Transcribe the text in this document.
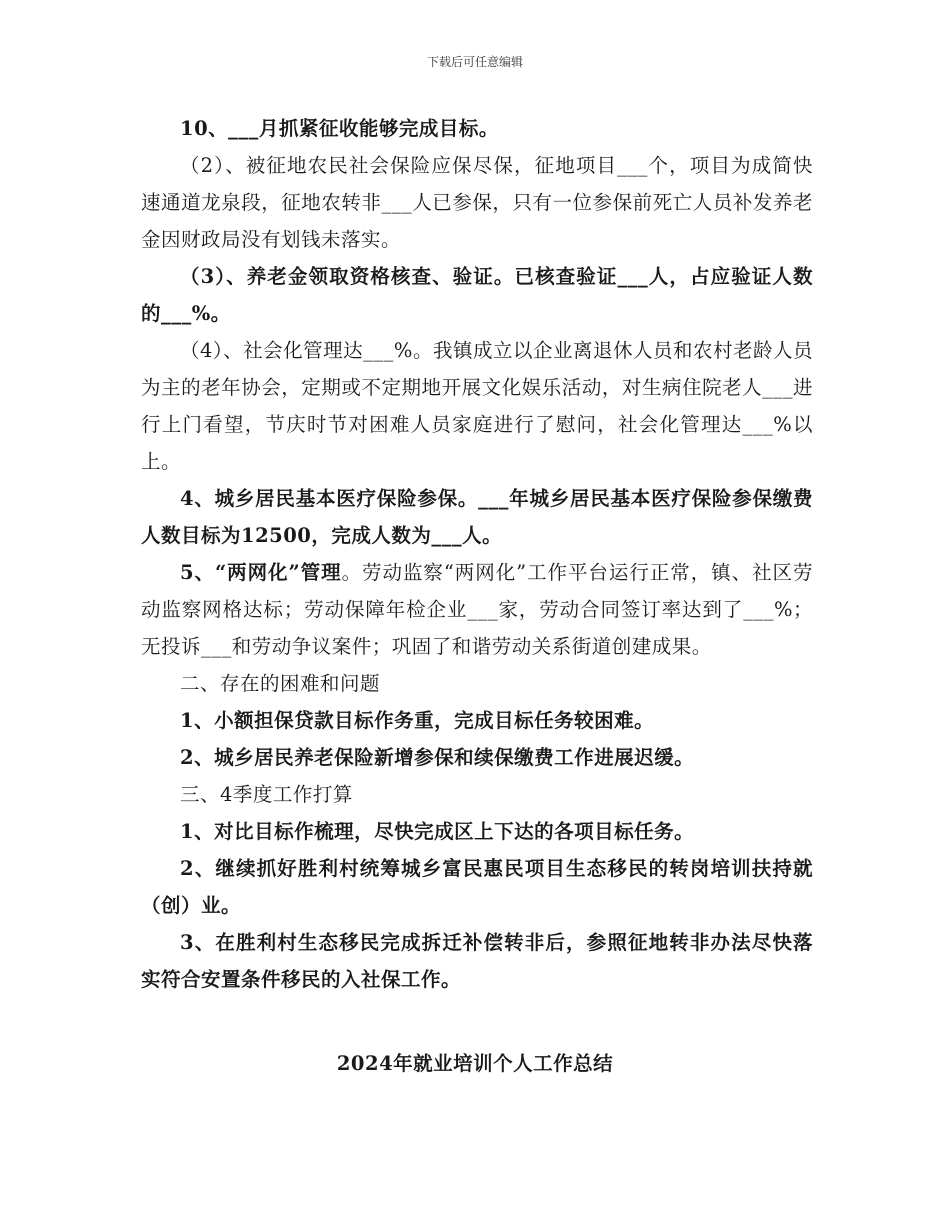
下载后可任意编辑

10、___月抓紧征收能够完成目标。

（2）、被征地农民社会保险应保尽保，征地项目___个，项目为成简快速通道龙泉段，征地农转非___人已参保，只有一位参保前死亡人员补发养老金因财政局没有划钱未落实。

（3）、养老金领取资格核查、验证。已核查验证___人，占应验证人数的___%。

（4）、社会化管理达___%。我镇成立以企业离退休人员和农村老龄人员为主的老年协会，定期或不定期地开展文化娱乐活动，对生病住院老人___进行上门看望，节庆时节对困难人员家庭进行了慰问，社会化管理达___%以上。

4、城乡居民基本医疗保险参保。___年城乡居民基本医疗保险参保缴费人数目标为12500，完成人数为___人。

5、“两网化”管理。劳动监察“两网化”工作平台运行正常，镇、社区劳动监察网格达标；劳动保障年检企业___家，劳动合同签订率达到了___%；无投诉___和劳动争议案件；巩固了和谐劳动关系街道创建成果。

二、存在的困难和问题

1、小额担保贷款目标作务重，完成目标任务较困难。

2、城乡居民养老保险新增参保和续保缴费工作进展迟缓。

三、4季度工作打算

1、对比目标作梳理，尽快完成区上下达的各项目标任务。

2、继续抓好胜利村统筹城乡富民惠民项目生态移民的转岗培训扶持就（创）业。

3、在胜利村生态移民完成拆迁补偿转非后，参照征地转非办法尽快落实符合安置条件移民的入社保工作。

2024年就业培训个人工作总结
